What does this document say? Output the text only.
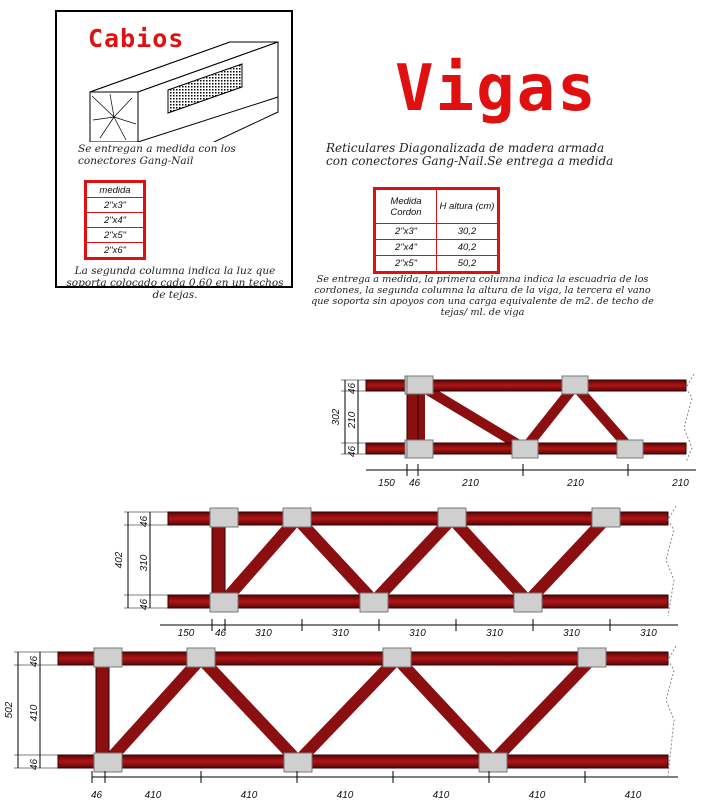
Cabios
Se entregan a medida con los conectores Gang-Nail
medida
2"x3"
2"x4"
2"x5"
2"x6"
La segunda columna indica la luz que soporta colocado cada 0,60 en un techos de tejas.
Vigas
Reticulares Diagonalizada de madera armada con conectores Gang-Nail.Se entrega a medida
Medida Cordon	H altura (cm)
2"x3"	30,2
2"x4"	40,2
2"x5"	50,2
Se entrega a medida, la primera columna indica la escuadria de los cordones, la segunda columna la altura de la viga, la tercera el vano que soporta sin apoyos con una carga equivalente de m2. de techo de tejas/ ml. de viga
302
46
210
46
150 46	210	210	210
402
46
310
46
150 46	310	310	310	310	310	310
502
46
410
46
46	410	410	410	410	410	410
